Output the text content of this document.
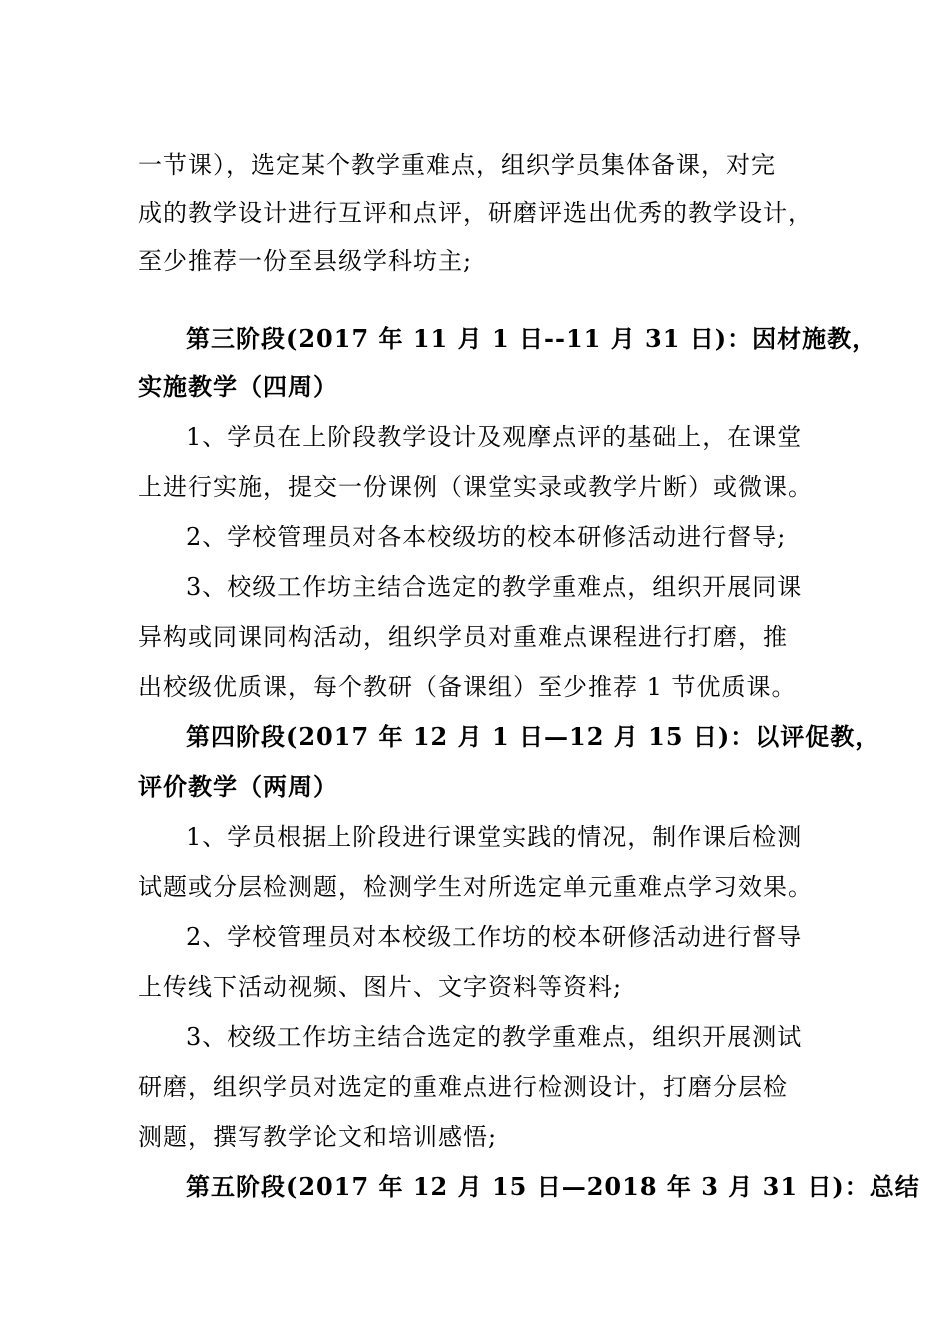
一节课），选定某个教学重难点，组织学员集体备课，对完
成的教学设计进行互评和点评，研磨评选出优秀的教学设计，
至少推荐一份至县级学科坊主;
第三阶段(2017 年 11 月 1 日--11 月 31 日)：因材施教，
实施教学（四周）
1、学员在上阶段教学设计及观摩点评的基础上，在课堂
上进行实施，提交一份课例（课堂实录或教学片断）或微课。
2、学校管理员对各本校级坊的校本研修活动进行督导;
3、校级工作坊主结合选定的教学重难点，组织开展同课
异构或同课同构活动，组织学员对重难点课程进行打磨，推
出校级优质课，每个教研（备课组）至少推荐 1 节优质课。
第四阶段(2017 年 12 月 1 日—12 月 15 日)：以评促教，
评价教学（两周）
1、学员根据上阶段进行课堂实践的情况，制作课后检测
试题或分层检测题，检测学生对所选定单元重难点学习效果。
2、学校管理员对本校级工作坊的校本研修活动进行督导
上传线下活动视频、图片、文字资料等资料;
3、校级工作坊主结合选定的教学重难点，组织开展测试
研磨，组织学员对选定的重难点进行检测设计，打磨分层检
测题，撰写教学论文和培训感悟;
第五阶段(2017 年 12 月 15 日—2018 年 3 月 31 日)：总结
